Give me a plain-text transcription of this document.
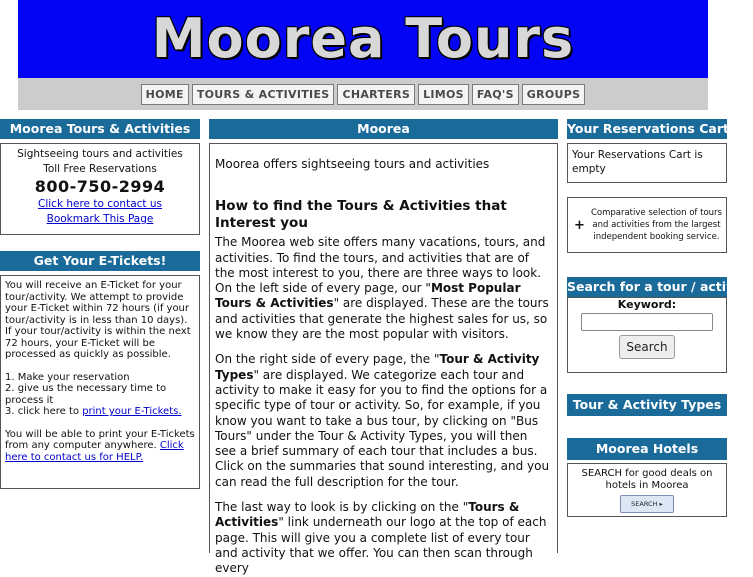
Moorea Tours
HOME	TOURS & ACTIVITIES	CHARTERS	LIMOS	FAQ'S	GROUPS
Moorea Tours & Activities
Sightseeing tours and activities
Toll Free Reservations
800-750-2994
Click here to contact us
Bookmark This Page
Get Your E-Tickets!

You will receive an E-Ticket for your tour/activity. We attempt to provide your E-Ticket within 72 hours (if your tour/activity is in less than 10 days). If your tour/activity is within the next 72 hours, your E-Ticket will be processed as quickly as possible.

1. Make your reservation

2. give us the necessary time to process it

3. click here to print your E-Tickets.

You will be able to print your E-Tickets from any computer anywhere. Click here to contact us for HELP.

Moorea

Moorea offers sightseeing tours and activities

How to find the Tours & Activities that Interest you

The Moorea web site offers many vacations, tours, and activities. To find the tours, and activities that are of the most interest to you, there are three ways to look.

On the left side of every page, our "Most Popular Tours & Activities" are displayed. These are the tours and activities that generate the highest sales for us, so we know they are the most popular with visitors.

On the right side of every page, the "Tour & Activity Types" are displayed. We categorize each tour and activity to make it easy for you to find the options for a specific type of tour or activity. So, for example, if you know you want to take a bus tour, by clicking on "Bus Tours" under the Tour & Activity Types, you will then see a brief summary of each tour that includes a bus. Click on the summaries that sound interesting, and you can read the full description for the tour.

The last way to look is by clicking on the "Tours & Activities" link underneath our logo at the top of each page. This will give you a complete list of every tour and activity that we offer. You can then scan through every

Your Reservations Cart
Your Reservations Cart is empty
+
Comparative selection of tours and activities from the largest independent booking service.
Search for a tour / activity
Keyword:
Search
Tour & Activity Types
Moorea Hotels
SEARCH for good deals on hotels in Moorea
SEARCH ▸
